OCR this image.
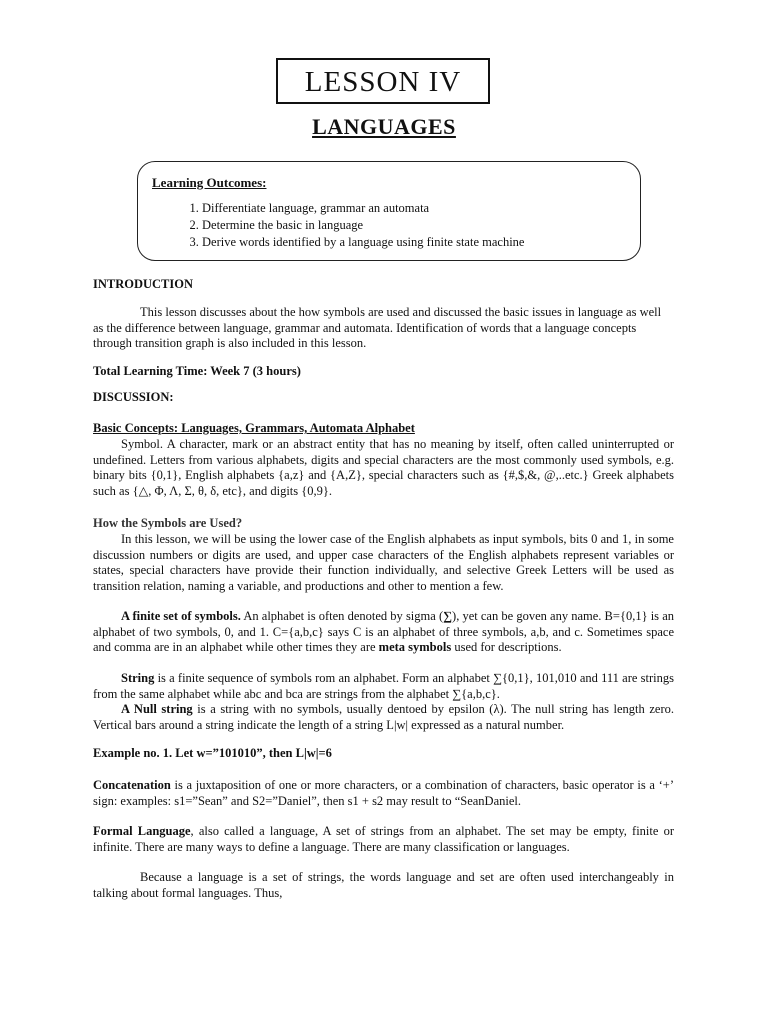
LESSON IV
LANGUAGES
Learning Outcomes:
1. Differentiate language, grammar an automata
2. Determine the basic in language
3. Derive words identified by a language using finite state machine
INTRODUCTION
This lesson discusses about the how symbols are used and discussed the basic issues in language as well as the difference between language, grammar and automata. Identification of words that a language concepts through transition graph is also included in this lesson.
Total Learning Time: Week 7 (3 hours)
DISCUSSION:
Basic Concepts: Languages, Grammars, Automata Alphabet
Symbol. A character, mark or an abstract entity that has no meaning by itself, often called uninterrupted or undefined. Letters from various alphabets, digits and special characters are the most commonly used symbols, e.g. binary bits {0,1}, English alphabets {a,z} and {A,Z}, special characters such as {#,$,&, @,..etc.} Greek alphabets such as {△, Φ, Λ, Σ, θ, δ, etc}, and digits {0,9}.
How the Symbols are Used?
In this lesson, we will be using the lower case of the English alphabets as input symbols, bits 0 and 1, in some discussion numbers or digits are used, and upper case characters of the English alphabets represent variables or states, special characters have provide their function individually, and selective Greek Letters will be used as transition relation, naming a variable, and productions and other to mention a few.
A finite set of symbols. An alphabet is often denoted by sigma (∑), yet can be goven any name. B={0,1} is an alphabet of two symbols, 0, and 1. C={a,b,c} says C is an alphabet of three symbols, a,b, and c. Sometimes space and comma are in an alphabet while other times they are meta symbols used for descriptions.
String is a finite sequence of symbols rom an alphabet. Form an alphabet ∑{0,1}, 101,010 and 111 are strings from the same alphabet while abc and bca are strings from the alphabet ∑{a,b,c}.
A Null string is a string with no symbols, usually dentoed by epsilon (λ). The null string has length zero. Vertical bars around a string indicate the length of a string L|w| expressed as a natural number.
Example no. 1. Let w=”101010”, then L|w|=6
Concatenation is a juxtaposition of one or more characters, or a combination of characters, basic operator is a ‘+’ sign: examples: s1=”Sean” and S2=”Daniel”, then s1 + s2 may result to “SeanDaniel.
Formal Language, also called a language, A set of strings from an alphabet. The set may be empty, finite or infinite. There are many ways to define a language. There are many classification or languages.
Because a language is a set of strings, the words language and set are often used interchangeably in talking about formal languages. Thus,
